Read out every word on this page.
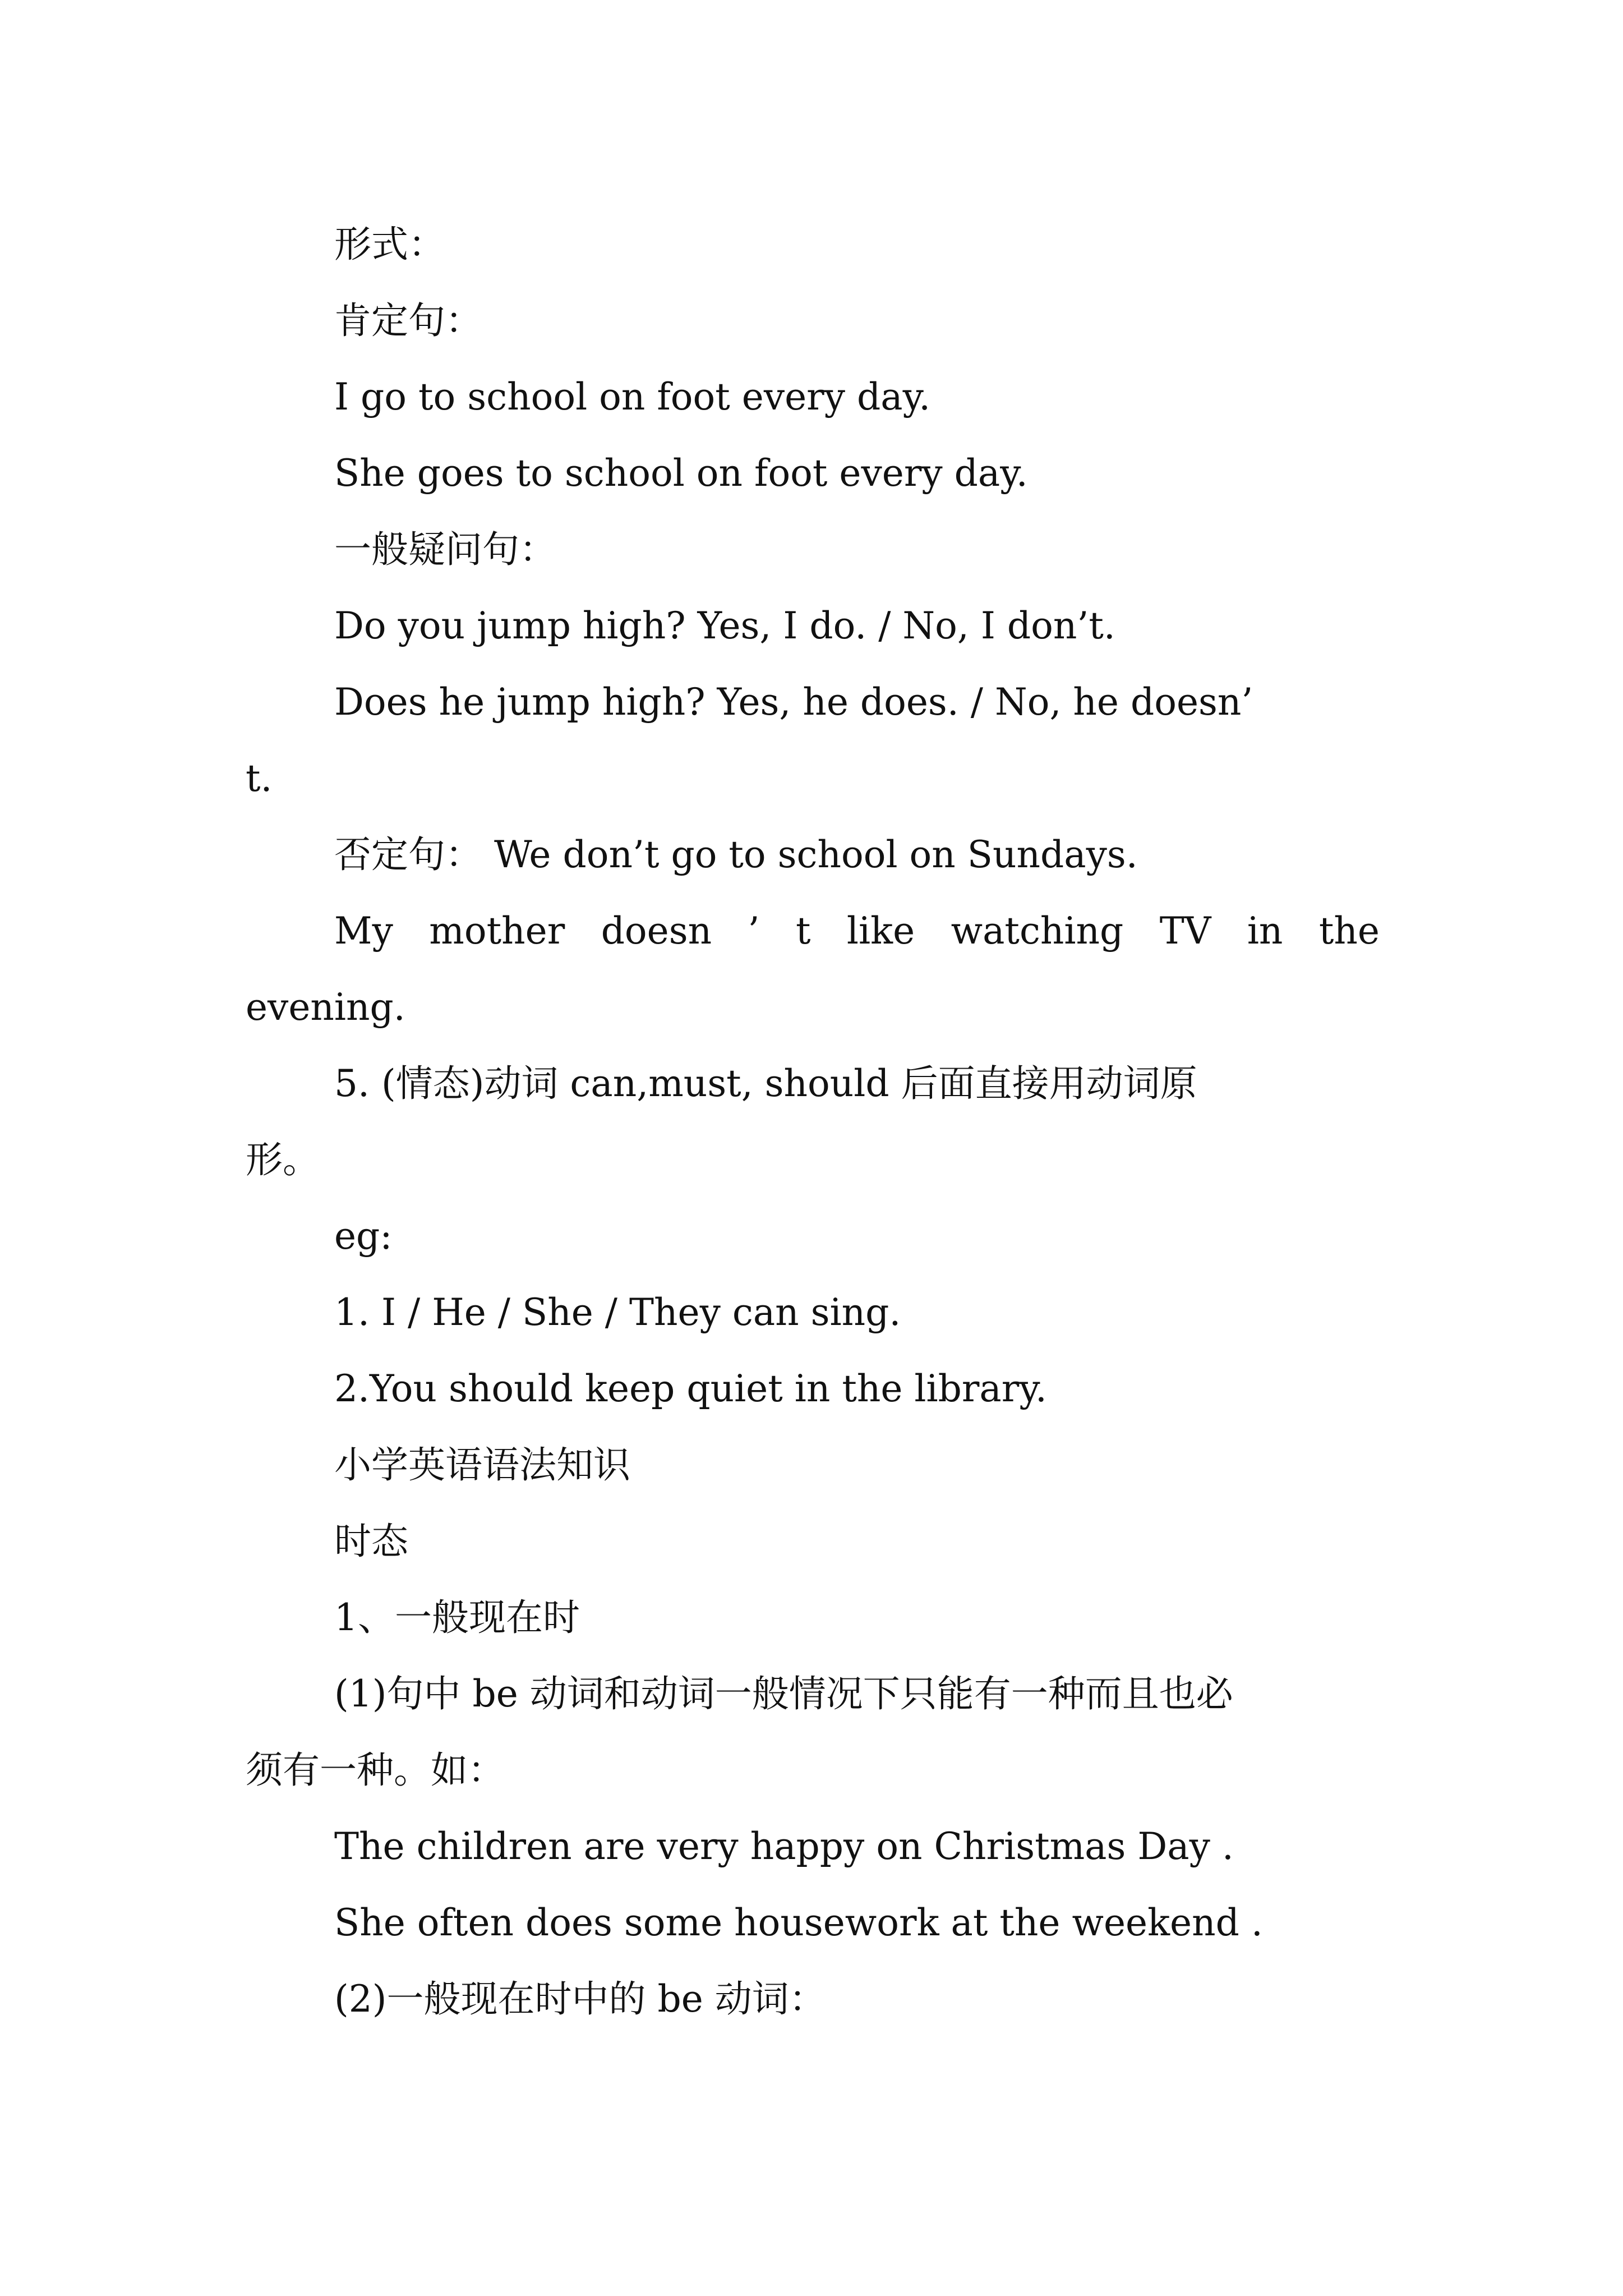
形式：
肯定句：
I go to school on foot every day.
She goes to school on foot every day.
一般疑问句：
Do you jump high? Yes, I do. / No, I don’t.
Does he jump high? Yes, he does. / No, he doesn’
t.
否定句： We don’t go to school on Sundays.
My mother doesn ’ t like watching TV in the
evening.
5. (情态)动词 can,must, should 后面直接用动词原
形。
eg:
1. I / He / She / They can sing.
2.You should keep quiet in the library.
小学英语语法知识
时态
1、一般现在时
(1)句中 be 动词和动词一般情况下只能有一种而且也必
须有一种。如：
The children are very happy on Christmas Day .
She often does some housework at the weekend .
(2)一般现在时中的 be 动词：
